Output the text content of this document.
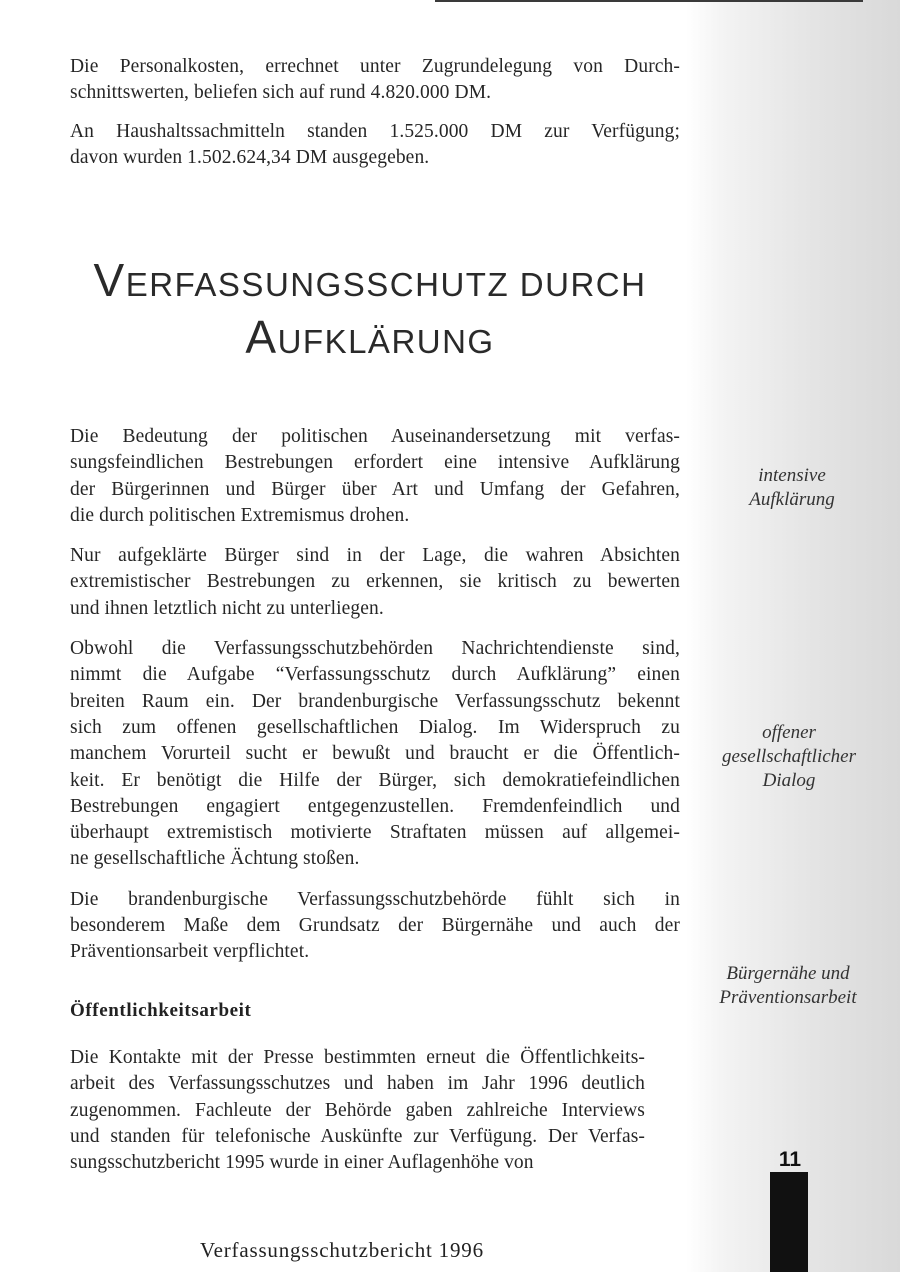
Die Personalkosten, errechnet unter Zugrundelegung von Durch-
schnittswerten, beliefen sich auf rund 4.820.000 DM.

An Haushaltssachmitteln standen 1.525.000 DM zur Verfügung;
davon wurden 1.502.624,34 DM ausgegeben.

VERFASSUNGSSCHUTZ DURCH
AUFKLÄRUNG

Die Bedeutung der politischen Auseinandersetzung mit verfas-
sungsfeindlichen Bestrebungen erfordert eine intensive Aufklärung
der Bürgerinnen und Bürger über Art und Umfang der Gefahren,
die durch politischen Extremismus drohen.

Nur aufgeklärte Bürger sind in der Lage, die wahren Absichten
extremistischer Bestrebungen zu erkennen, sie kritisch zu bewerten
und ihnen letztlich nicht zu unterliegen.

Obwohl die Verfassungsschutzbehörden Nachrichtendienste sind,
nimmt die Aufgabe “Verfassungsschutz durch Aufklärung” einen
breiten Raum ein. Der brandenburgische Verfassungsschutz bekennt
sich zum offenen gesellschaftlichen Dialog. Im Widerspruch zu
manchem Vorurteil sucht er bewußt und braucht er die Öffentlich-
keit. Er benötigt die Hilfe der Bürger, sich demokratiefeindlichen
Bestrebungen engagiert entgegenzustellen. Fremdenfeindlich und
überhaupt extremistisch motivierte Straftaten müssen auf allgemei-
ne gesellschaftliche Ächtung stoßen.

Die brandenburgische Verfassungsschutzbehörde fühlt sich in
besonderem Maße dem Grundsatz der Bürgernähe und auch der
Präventionsarbeit verpflichtet.

Öffentlichkeitsarbeit

Die Kontakte mit der Presse bestimmten erneut die Öffentlichkeits-
arbeit des Verfassungsschutzes und haben im Jahr 1996 deutlich
zugenommen. Fachleute der Behörde gaben zahlreiche Interviews
und standen für telefonische Auskünfte zur Verfügung. Der Verfas-
sungsschutzbericht 1995 wurde in einer Auflagenhöhe von

intensive
Aufklärung
offener
gesellschaftlicher
Dialog
Bürgernähe und
Präventionsarbeit
11
Verfassungsschutzbericht 1996
